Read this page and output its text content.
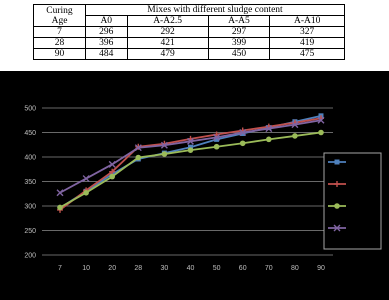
Curing
Age	Mixes with different sludge content			
	A0	A-A2.5	A-A5	A-A10
7	296	292	297	327
28	396	421	399	419
90	484	479	450	475
200
250
300
350
400
450
500
7	10	20	28	30	40	50	60	70	80	90
